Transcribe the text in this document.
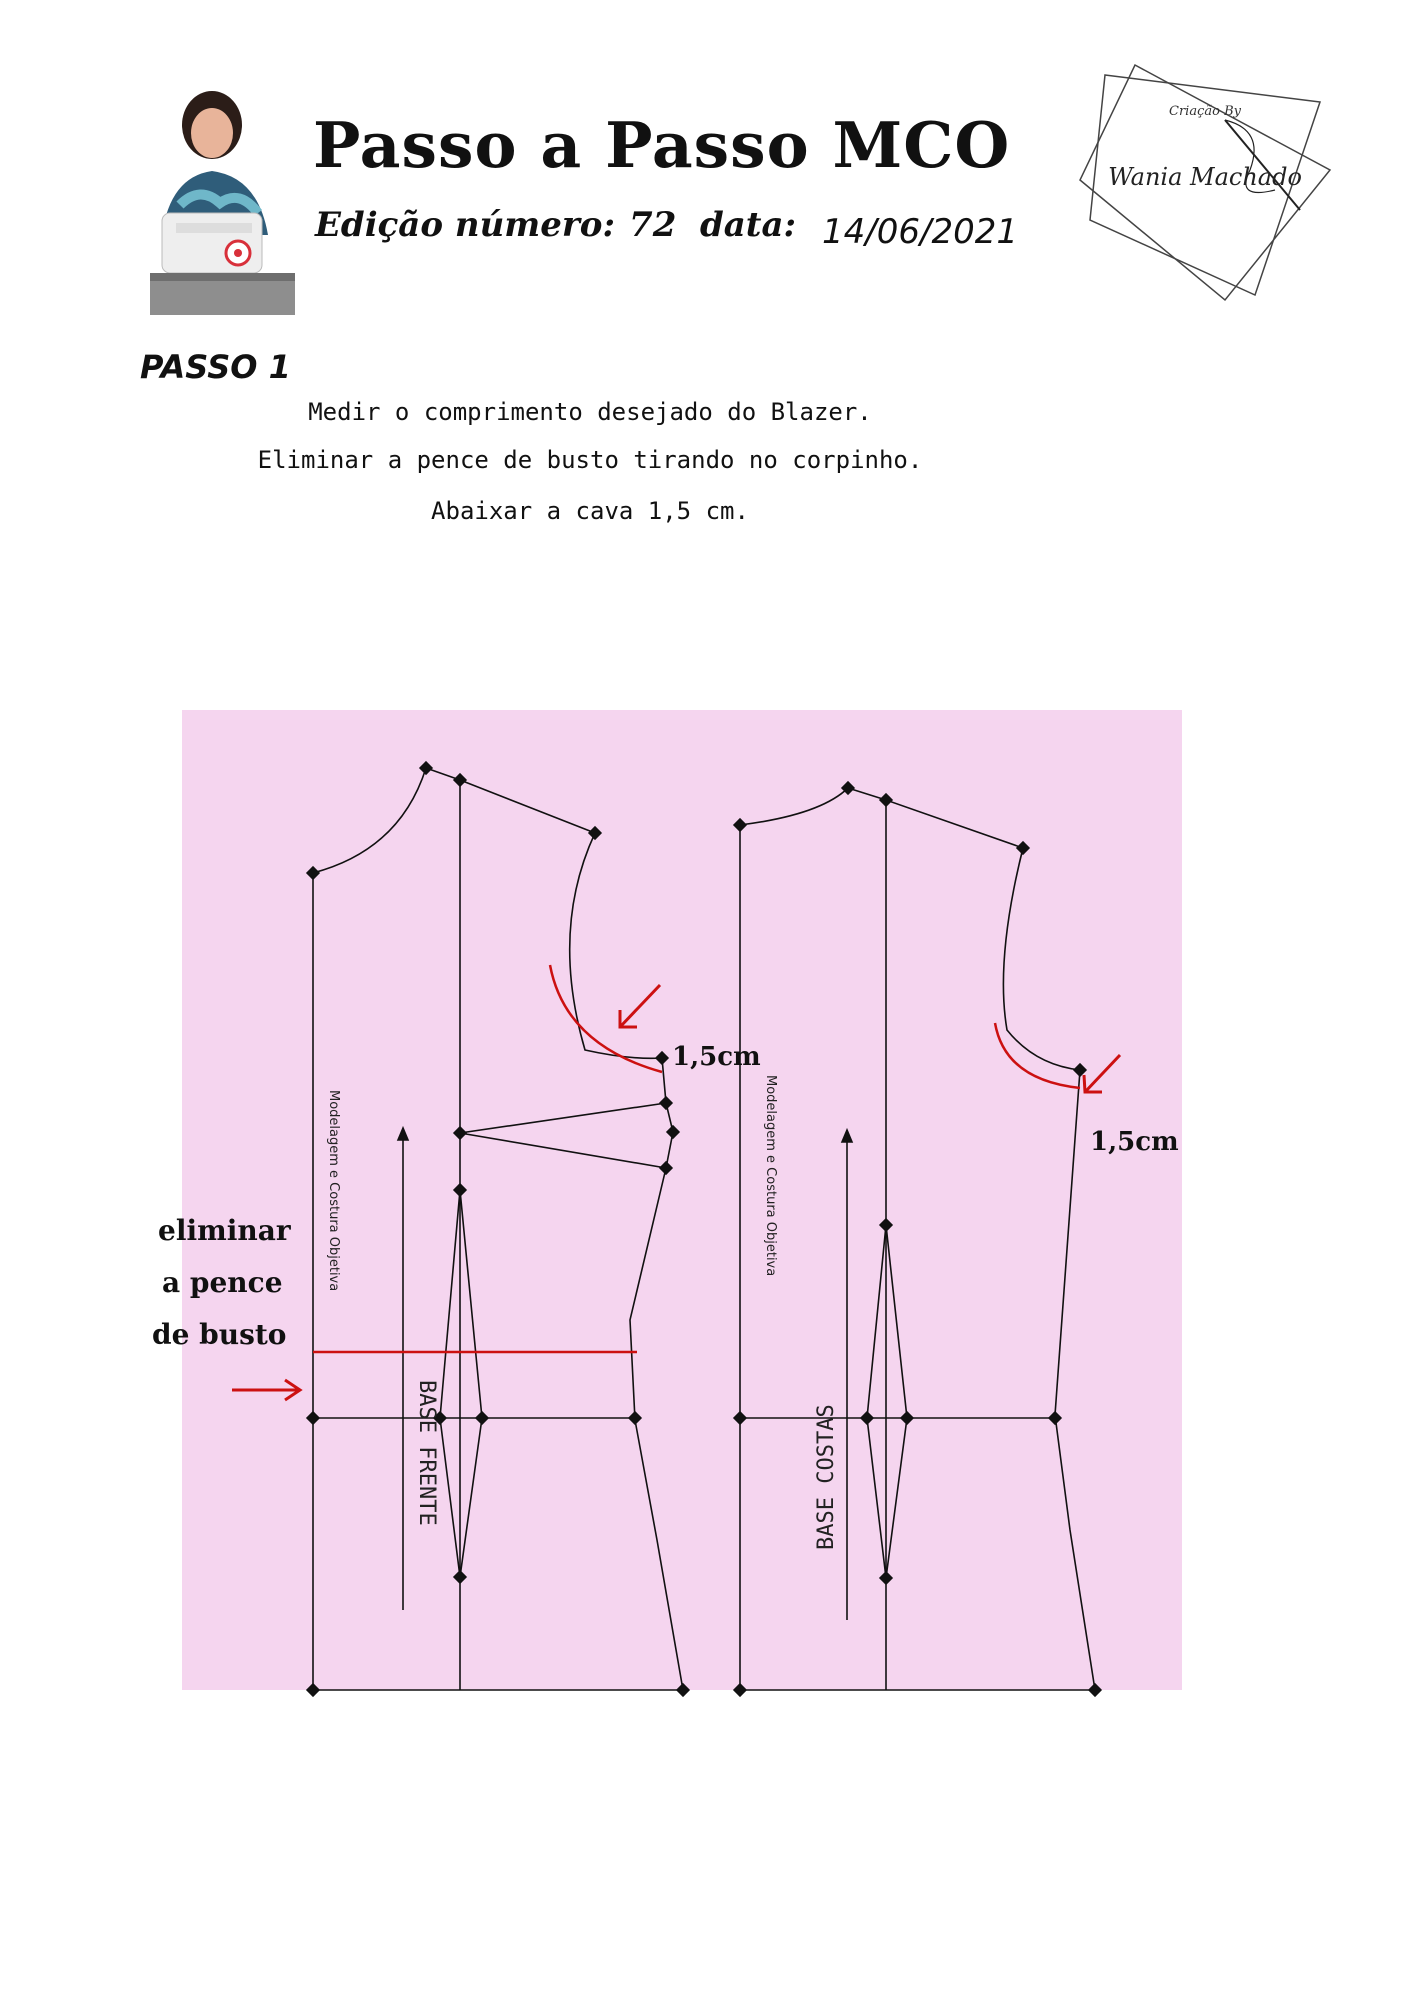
Passo a Passo MCO
Edição número: 72 data: 14/06/2021
Criação By
Wania Machado
PASSO 1
Medir o comprimento desejado do Blazer.
Eliminar a pence de busto tirando no corpinho.
Abaixar a cava 1,5 cm.
1,5cm
1,5cm
eliminar
a pence
de busto
Modelagem e Costura Objetiva	Modelagem e Costura Objetiva
BASE FRENTE	BASE COSTAS
